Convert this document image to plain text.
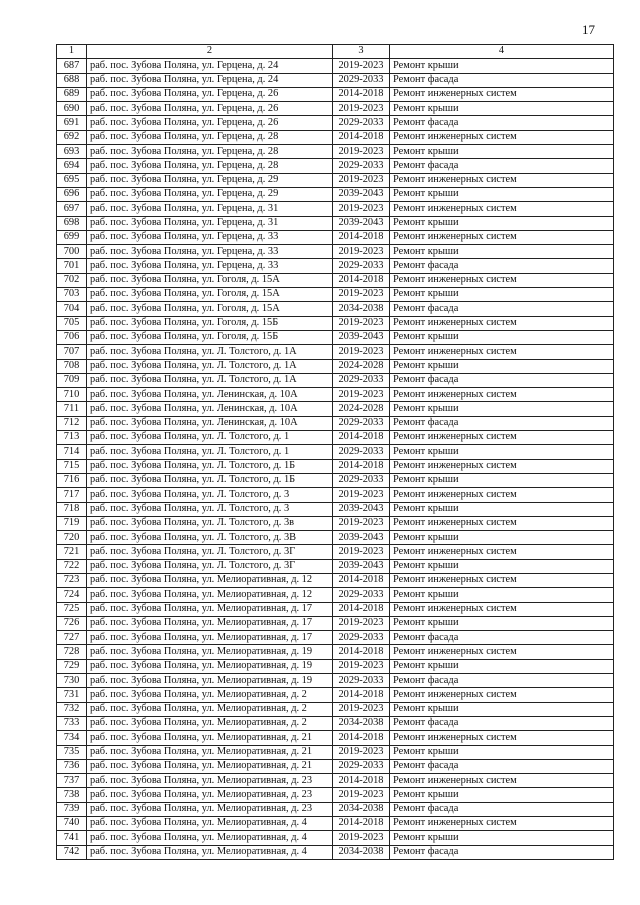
17
1	2	3	4
687	раб. пос. Зубова Поляна, ул. Герцена, д. 24	2019-2023	Ремонт крыши
688	раб. пос. Зубова Поляна, ул. Герцена, д. 24	2029-2033	Ремонт фасада
689	раб. пос. Зубова Поляна, ул. Герцена, д. 26	2014-2018	Ремонт инженерных систем
690	раб. пос. Зубова Поляна, ул. Герцена, д. 26	2019-2023	Ремонт крыши
691	раб. пос. Зубова Поляна, ул. Герцена, д. 26	2029-2033	Ремонт фасада
692	раб. пос. Зубова Поляна, ул. Герцена, д. 28	2014-2018	Ремонт инженерных систем
693	раб. пос. Зубова Поляна, ул. Герцена, д. 28	2019-2023	Ремонт крыши
694	раб. пос. Зубова Поляна, ул. Герцена, д. 28	2029-2033	Ремонт фасада
695	раб. пос. Зубова Поляна, ул. Герцена, д. 29	2019-2023	Ремонт инженерных систем
696	раб. пос. Зубова Поляна, ул. Герцена, д. 29	2039-2043	Ремонт крыши
697	раб. пос. Зубова Поляна, ул. Герцена, д. 31	2019-2023	Ремонт инженерных систем
698	раб. пос. Зубова Поляна, ул. Герцена, д. 31	2039-2043	Ремонт крыши
699	раб. пос. Зубова Поляна, ул. Герцена, д. 33	2014-2018	Ремонт инженерных систем
700	раб. пос. Зубова Поляна, ул. Герцена, д. 33	2019-2023	Ремонт крыши
701	раб. пос. Зубова Поляна, ул. Герцена, д. 33	2029-2033	Ремонт фасада
702	раб. пос. Зубова Поляна, ул. Гоголя, д. 15А	2014-2018	Ремонт инженерных систем
703	раб. пос. Зубова Поляна, ул. Гоголя, д. 15А	2019-2023	Ремонт крыши
704	раб. пос. Зубова Поляна, ул. Гоголя, д. 15А	2034-2038	Ремонт фасада
705	раб. пос. Зубова Поляна, ул. Гоголя, д. 15Б	2019-2023	Ремонт инженерных систем
706	раб. пос. Зубова Поляна, ул. Гоголя, д. 15Б	2039-2043	Ремонт крыши
707	раб. пос. Зубова Поляна, ул. Л. Толстого, д. 1А	2019-2023	Ремонт инженерных систем
708	раб. пос. Зубова Поляна, ул. Л. Толстого, д. 1А	2024-2028	Ремонт крыши
709	раб. пос. Зубова Поляна, ул. Л. Толстого, д. 1А	2029-2033	Ремонт фасада
710	раб. пос. Зубова Поляна, ул. Ленинская, д. 10А	2019-2023	Ремонт инженерных систем
711	раб. пос. Зубова Поляна, ул. Ленинская, д. 10А	2024-2028	Ремонт крыши
712	раб. пос. Зубова Поляна, ул. Ленинская, д. 10А	2029-2033	Ремонт фасада
713	раб. пос. Зубова Поляна, ул. Л. Толстого, д. 1	2014-2018	Ремонт инженерных систем
714	раб. пос. Зубова Поляна, ул. Л. Толстого, д. 1	2029-2033	Ремонт крыши
715	раб. пос. Зубова Поляна, ул. Л. Толстого, д. 1Б	2014-2018	Ремонт инженерных систем
716	раб. пос. Зубова Поляна, ул. Л. Толстого, д. 1Б	2029-2033	Ремонт крыши
717	раб. пос. Зубова Поляна, ул. Л. Толстого, д. 3	2019-2023	Ремонт инженерных систем
718	раб. пос. Зубова Поляна, ул. Л. Толстого, д. 3	2039-2043	Ремонт крыши
719	раб. пос. Зубова Поляна, ул. Л. Толстого, д. 3в	2019-2023	Ремонт инженерных систем
720	раб. пос. Зубова Поляна, ул. Л. Толстого, д. 3В	2039-2043	Ремонт крыши
721	раб. пос. Зубова Поляна, ул. Л. Толстого, д. 3Г	2019-2023	Ремонт инженерных систем
722	раб. пос. Зубова Поляна, ул. Л. Толстого, д. 3Г	2039-2043	Ремонт крыши
723	раб. пос. Зубова Поляна, ул. Мелиоративная, д. 12	2014-2018	Ремонт инженерных систем
724	раб. пос. Зубова Поляна, ул. Мелиоративная, д. 12	2029-2033	Ремонт крыши
725	раб. пос. Зубова Поляна, ул. Мелиоративная, д. 17	2014-2018	Ремонт инженерных систем
726	раб. пос. Зубова Поляна, ул. Мелиоративная, д. 17	2019-2023	Ремонт крыши
727	раб. пос. Зубова Поляна, ул. Мелиоративная, д. 17	2029-2033	Ремонт фасада
728	раб. пос. Зубова Поляна, ул. Мелиоративная, д. 19	2014-2018	Ремонт инженерных систем
729	раб. пос. Зубова Поляна, ул. Мелиоративная, д. 19	2019-2023	Ремонт крыши
730	раб. пос. Зубова Поляна, ул. Мелиоративная, д. 19	2029-2033	Ремонт фасада
731	раб. пос. Зубова Поляна, ул. Мелиоративная, д. 2	2014-2018	Ремонт инженерных систем
732	раб. пос. Зубова Поляна, ул. Мелиоративная, д. 2	2019-2023	Ремонт крыши
733	раб. пос. Зубова Поляна, ул. Мелиоративная, д. 2	2034-2038	Ремонт фасада
734	раб. пос. Зубова Поляна, ул. Мелиоративная, д. 21	2014-2018	Ремонт инженерных систем
735	раб. пос. Зубова Поляна, ул. Мелиоративная, д. 21	2019-2023	Ремонт крыши
736	раб. пос. Зубова Поляна, ул. Мелиоративная, д. 21	2029-2033	Ремонт фасада
737	раб. пос. Зубова Поляна, ул. Мелиоративная, д. 23	2014-2018	Ремонт инженерных систем
738	раб. пос. Зубова Поляна, ул. Мелиоративная, д. 23	2019-2023	Ремонт крыши
739	раб. пос. Зубова Поляна, ул. Мелиоративная, д. 23	2034-2038	Ремонт фасада
740	раб. пос. Зубова Поляна, ул. Мелиоративная, д. 4	2014-2018	Ремонт инженерных систем
741	раб. пос. Зубова Поляна, ул. Мелиоративная, д. 4	2019-2023	Ремонт крыши
742	раб. пос. Зубова Поляна, ул. Мелиоративная, д. 4	2034-2038	Ремонт фасада
